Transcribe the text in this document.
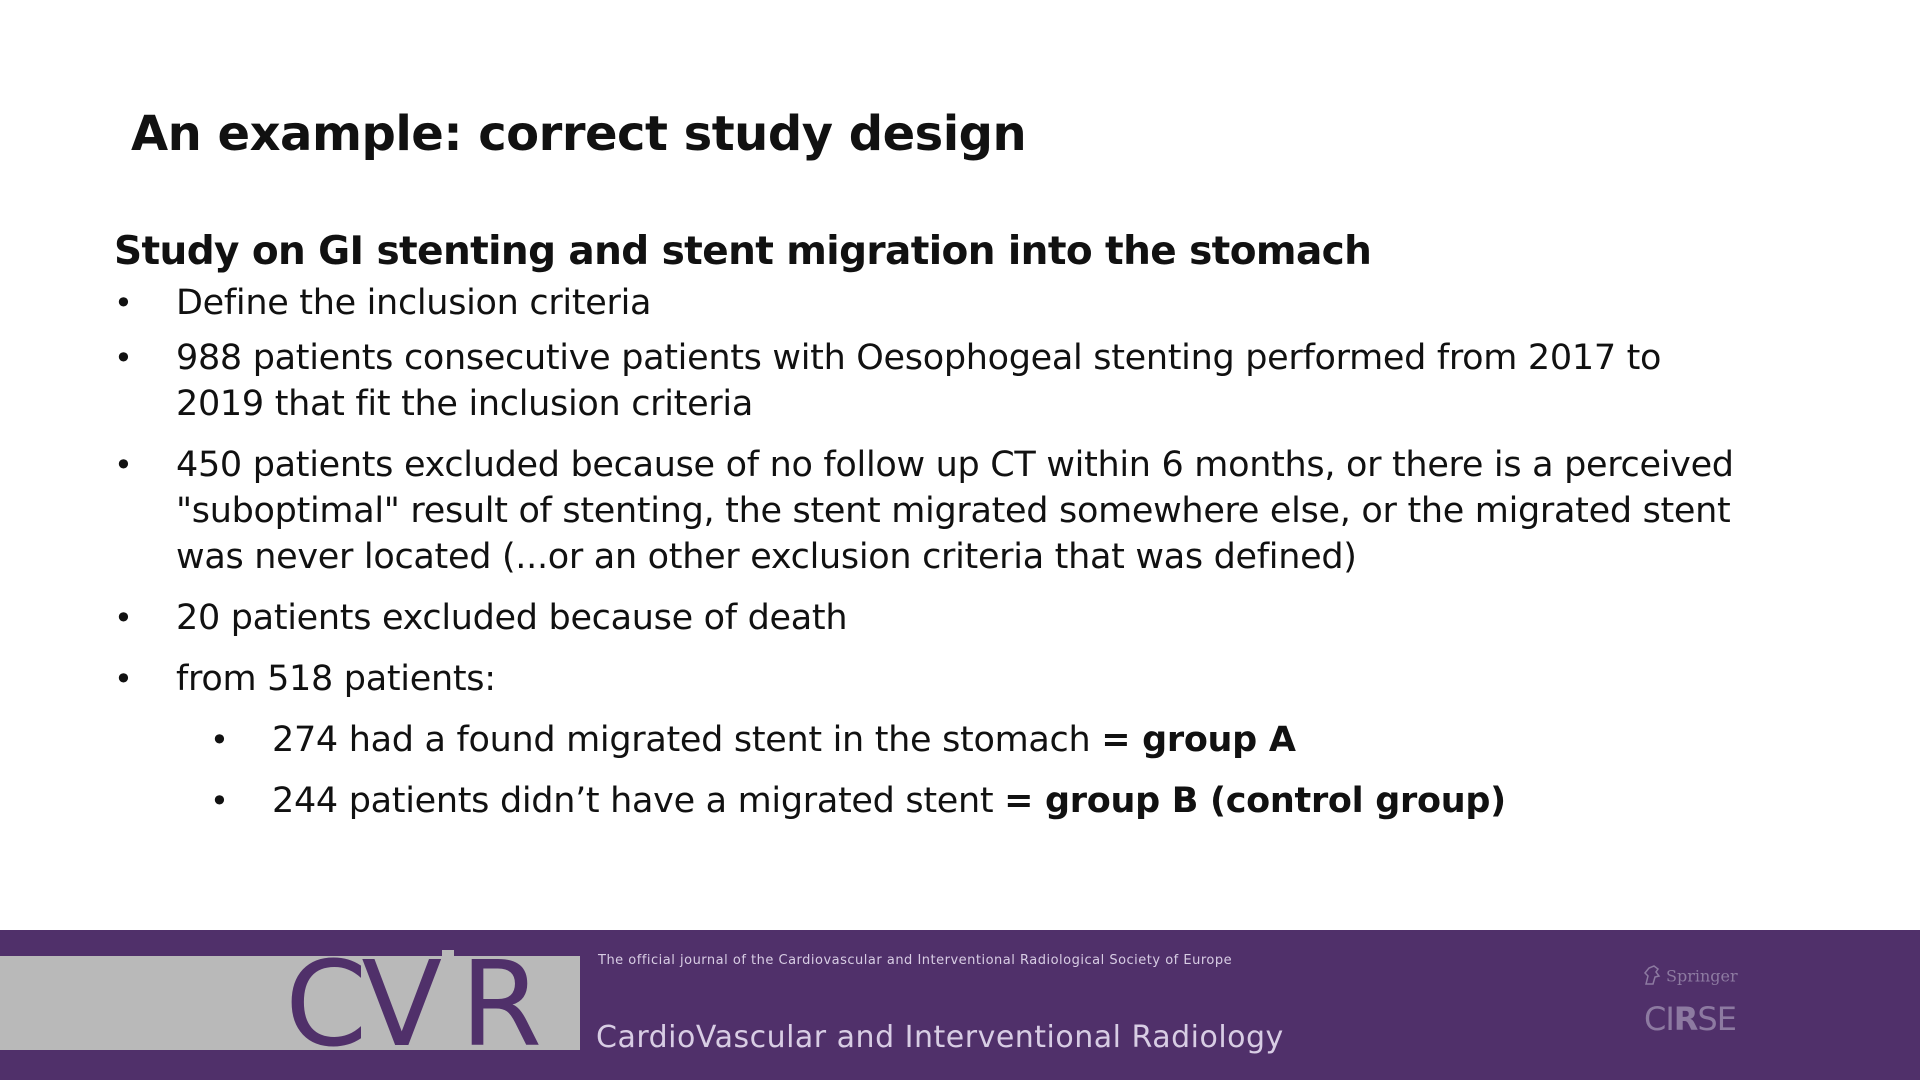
An example: correct study design
Study on GI stenting and stent migration into the stomach
• Define the inclusion criteria
• 988 patients consecutive patients with Oesophogeal stenting performed from 2017 to 2019 that fit the inclusion criteria
• 450 patients excluded because of no follow up CT within 6 months, or there is a perceived "suboptimal" result of stenting, the stent migrated somewhere else, or the migrated stent was never located (...or an other exclusion criteria that was defined)
• 20 patients excluded because of death
• from 518 patients:
• 274 had a found migrated stent in the stomach = group A
• 244 patients didn’t have a migrated stent = group B (control group)
CV R	The official journal of the Cardiovascular and Interventional Radiological Society of Europe
CardioVascular and Interventional Radiology
Springer
CIRSE
